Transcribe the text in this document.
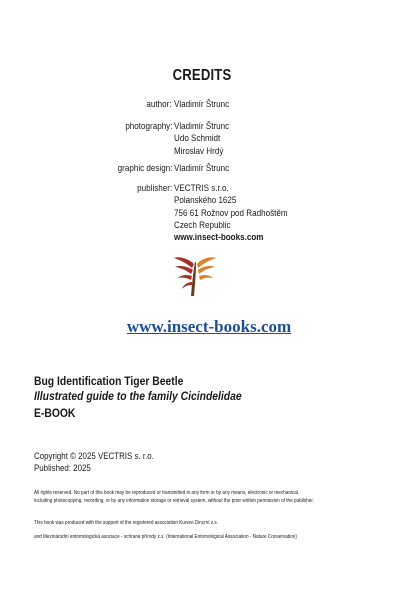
CREDITS
author: Vladimír Štrunc
photography: Vladimír Štrunc
Udo Schmidt
Miroslav Hrdý
graphic design: Vladimír Štrunc
publisher: VECTRIS s.r.o.
Polanského 1625
756 61 Rožnov pod Radhoštěm
Czech Republic
www.insect-books.com
www.insect-books.com
Bug Identification Tiger Beetle
Illustrated guide to the family Cicindelidae
E-BOOK
Copyright © 2025 VECTRIS s. r.o.
Published: 2025
All rights reserved. No part of this book may be reproduced or transmitted in any form or by any means, electronic or mechanical,
including photocopying, recording, or by any information storage or retrieval system, without the prior written permission of the publisher.
This book was produced with the support of the registered association Kunovi Dincrní z.s.
and Mezinárodní entomologická asociace - ochrana přírody z.s. (International Entomological Association - Nature Conservation)
